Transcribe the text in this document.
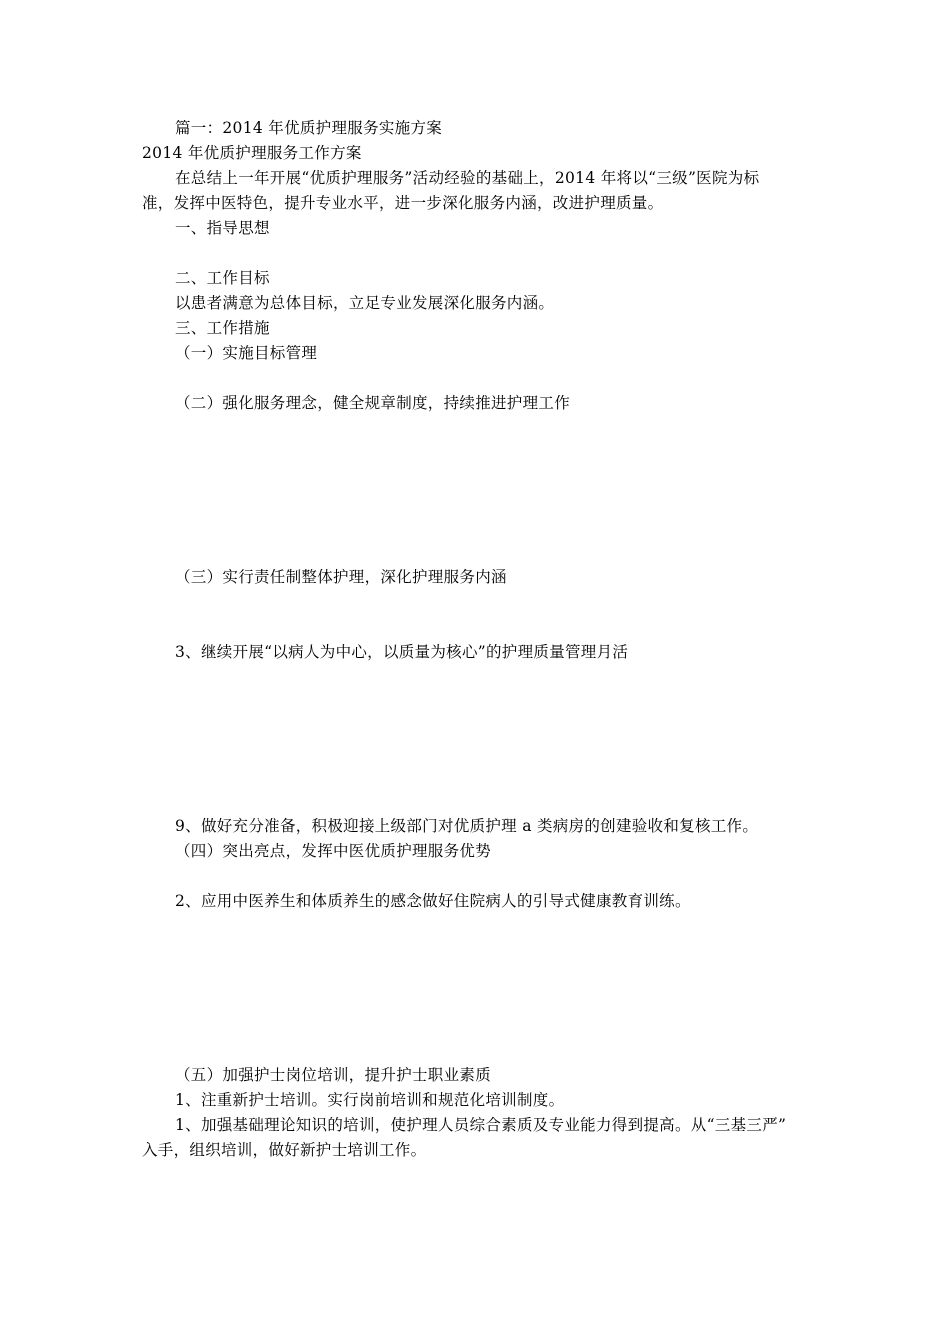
篇一：2014 年优质护理服务实施方案
2014 年优质护理服务工作方案
在总结上一年开展“优质护理服务”活动经验的基础上，2014 年将以“三级”医院为标
准，发挥中医特色，提升专业水平，进一步深化服务内涵，改进护理质量。
一、指导思想
二、工作目标
以患者满意为总体目标，立足专业发展深化服务内涵。
三、工作措施
（一）实施目标管理
（二）强化服务理念，健全规章制度，持续推进护理工作
（三）实行责任制整体护理，深化护理服务内涵
3、继续开展“以病人为中心，以质量为核心”的护理质量管理月活
9、做好充分准备，积极迎接上级部门对优质护理 a 类病房的创建验收和复核工作。
（四）突出亮点，发挥中医优质护理服务优势
2、应用中医养生和体质养生的感念做好住院病人的引导式健康教育训练。
（五）加强护士岗位培训，提升护士职业素质
1、注重新护士培训。实行岗前培训和规范化培训制度。
1、加强基础理论知识的培训，使护理人员综合素质及专业能力得到提高。从“三基三严”
入手，组织培训，做好新护士培训工作。
